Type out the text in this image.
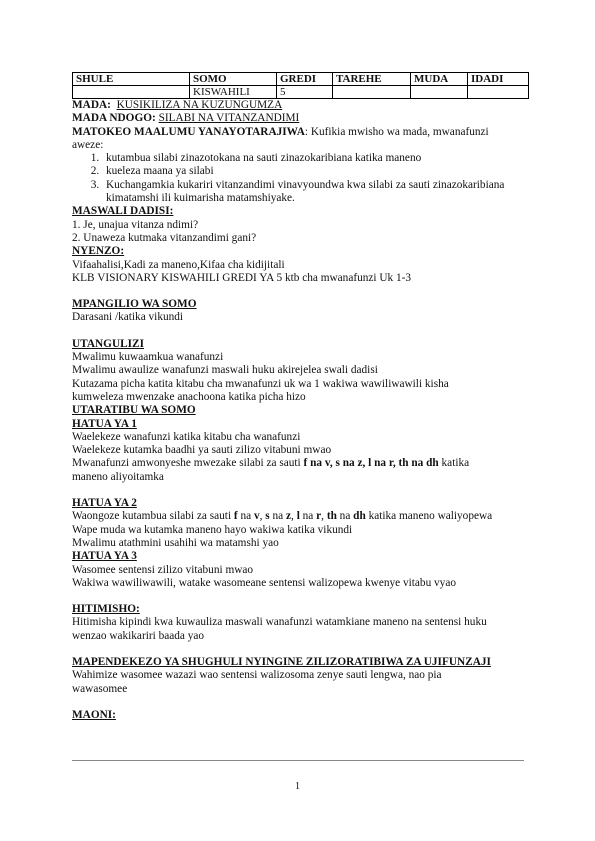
SHULE	SOMO	GREDI	TAREHE	MUDA	IDADI
	KISWAHILI	5			
MADA: KUSIKILIZA NA KUZUNGUMZA
MADA NDOGO: SILABI NA VITANZANDIMI
MATOKEO MAALUMU YANAYOTARAJIWA: Kufikia mwisho wa mada, mwanafunzi
aweze:
1. kutambua silabi zinazotokana na sauti zinazokaribiana katika maneno
2. kueleza maana ya silabi
3. Kuchangamkia kukariri vitanzandimi vinavyoundwa kwa silabi za sauti zinazokaribiana kimatamshi ili kuimarisha matamshiyake.
MASWALI DADISI:
1. Je, unajua vitanza ndimi?
2. Unaweza kutmaka vitanzandimi gani?
NYENZO:
Vifaahalisi,Kadi za maneno,Kifaa cha kidijitali
KLB VISIONARY KISWAHILI GREDI YA 5 ktb cha mwanafunzi Uk 1-3
MPANGILIO WA SOMO
Darasani /katika vikundi
UTANGULIZI
Mwalimu kuwaamkua wanafunzi
Mwalimu awaulize wanafunzi maswali huku akirejelea swali dadisi
Kutazama picha katita kitabu cha mwanafunzi uk wa 1 wakiwa wawiliwawili kisha
kumweleza mwenzake anachoona katika picha hizo
UTARATIBU WA SOMO
HATUA YA 1
Waelekeze wanafunzi katika kitabu cha wanafunzi
Waelekeze kutamka baadhi ya sauti zilizo vitabuni mwao
Mwanafunzi amwonyeshe mwezake silabi za sauti f na v, s na z, l na r, th na dh katika
maneno aliyoitamka
HATUA YA 2
Waongoze kutambua silabi za sauti f na v, s na z, l na r, th na dh katika maneno waliyopewa
Wape muda wa kutamka maneno hayo wakiwa katika vikundi
Mwalimu atathmini usahihi wa matamshi yao
HATUA YA 3
Wasomee sentensi zilizo vitabuni mwao
Wakiwa wawiliwawili, watake wasomeane sentensi walizopewa kwenye vitabu vyao
HITIMISHO:
Hitimisha kipindi kwa kuwauliza maswali wanafunzi watamkiane maneno na sentensi huku
wenzao wakikariri baada yao
MAPENDEKEZO YA SHUGHULI NYINGINE ZILIZORATIBIWA ZA UJIFUNZAJI
Wahimize wasomee wazazi wao sentensi walizosoma zenye sauti lengwa, nao pia
wawasomee
MAONI:
1
